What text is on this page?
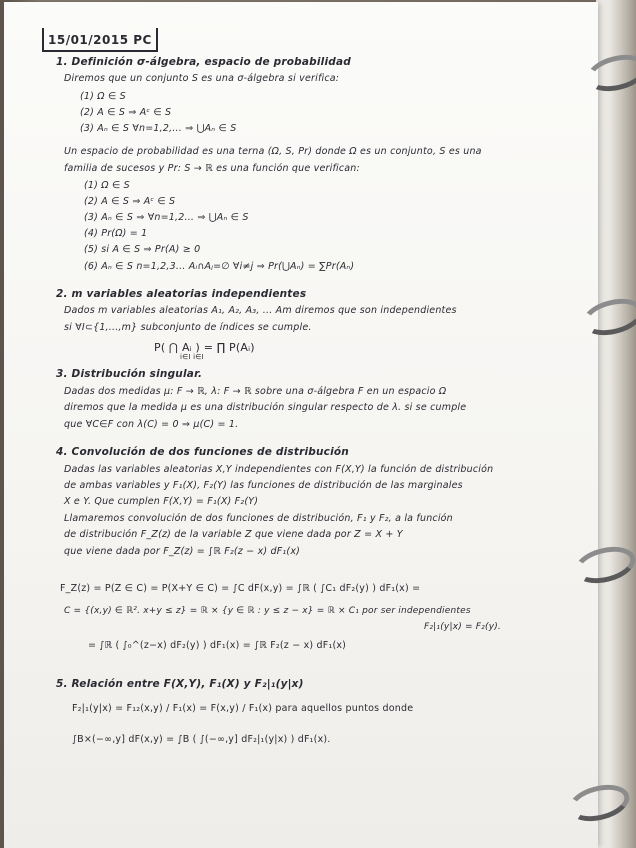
15/01/2015 PC
1. Definición σ-álgebra, espacio de probabilidad
Diremos que un conjunto S es una σ-álgebra si verifica:
(1) Ω ∈ S
(2) A ∈ S ⇒ Aᶜ ∈ S
(3) Aₙ ∈ S ∀n=1,2,... ⇒ ⋃Aₙ ∈ S
Un espacio de probabilidad es una terna (Ω, S, Pr) donde Ω es un conjunto, S es una
familia de sucesos y Pr: S → ℝ es una función que verifican:
(1) Ω ∈ S
(2) A ∈ S ⇒ Aᶜ ∈ S
(3) Aₙ ∈ S ⇒ ∀n=1,2... ⇒ ⋃Aₙ ∈ S
(4) Pr(Ω) = 1
(5) si A ∈ S ⇒ Pr(A) ≥ 0
(6) Aₙ ∈ S n=1,2,3... Aᵢ∩Aⱼ=∅ ∀i≠j ⇒ Pr(⋃Aₙ) = ∑Pr(Aₙ)
2. m variables aleatorias independientes
Dados m variables aleatorias A₁, A₂, A₃, ... Am diremos que son independientes
si ∀I⊂{1,...,m} subconjunto de índices se cumple.
P( ⋂ Aᵢ ) = ∏ P(Aᵢ)
i∈I i∈I
3. Distribución singular.
Dadas dos medidas μ: F → ℝ, λ: F → ℝ sobre una σ-álgebra F en un espacio Ω
diremos que la medida μ es una distribución singular respecto de λ. si se cumple
que ∀C∈F con λ(C) = 0 ⇒ μ(C) = 1.
4. Convolución de dos funciones de distribución
Dadas las variables aleatorias X,Y independientes con F(X,Y) la función de distribución
de ambas variables y F₁(X), F₂(Y) las funciones de distribución de las marginales
X e Y. Que cumplen F(X,Y) = F₁(X) F₂(Y)
Llamaremos convolución de dos funciones de distribución, F₁ y F₂, a la función
de distribución F_Z(z) de la variable Z que viene dada por Z = X + Y
que viene dada por F_Z(z) = ∫ℝ F₂(z − x) dF₁(x)
F_Z(z) = P(Z ∈ C) = P(X+Y ∈ C) = ∫C dF(x,y) = ∫ℝ ( ∫C₁ dF₂(y) ) dF₁(x) =
C = {(x,y) ∈ ℝ². x+y ≤ z} = ℝ × {y ∈ ℝ : y ≤ z − x} = ℝ × C₁ por ser independientes
F₂|₁(y|x) = F₂(y).
= ∫ℝ ( ∫₀^(z−x) dF₂(y) ) dF₁(x) = ∫ℝ F₂(z − x) dF₁(x)
5. Relación entre F(X,Y), F₁(X) y F₂|₁(y|x)
F₂|₁(y|x) = F₁₂(x,y) / F₁(x) = F(x,y) / F₁(x) para aquellos puntos donde
∫B×(−∞,y] dF(x,y) = ∫B ( ∫(−∞,y] dF₂|₁(y|x) ) dF₁(x).
